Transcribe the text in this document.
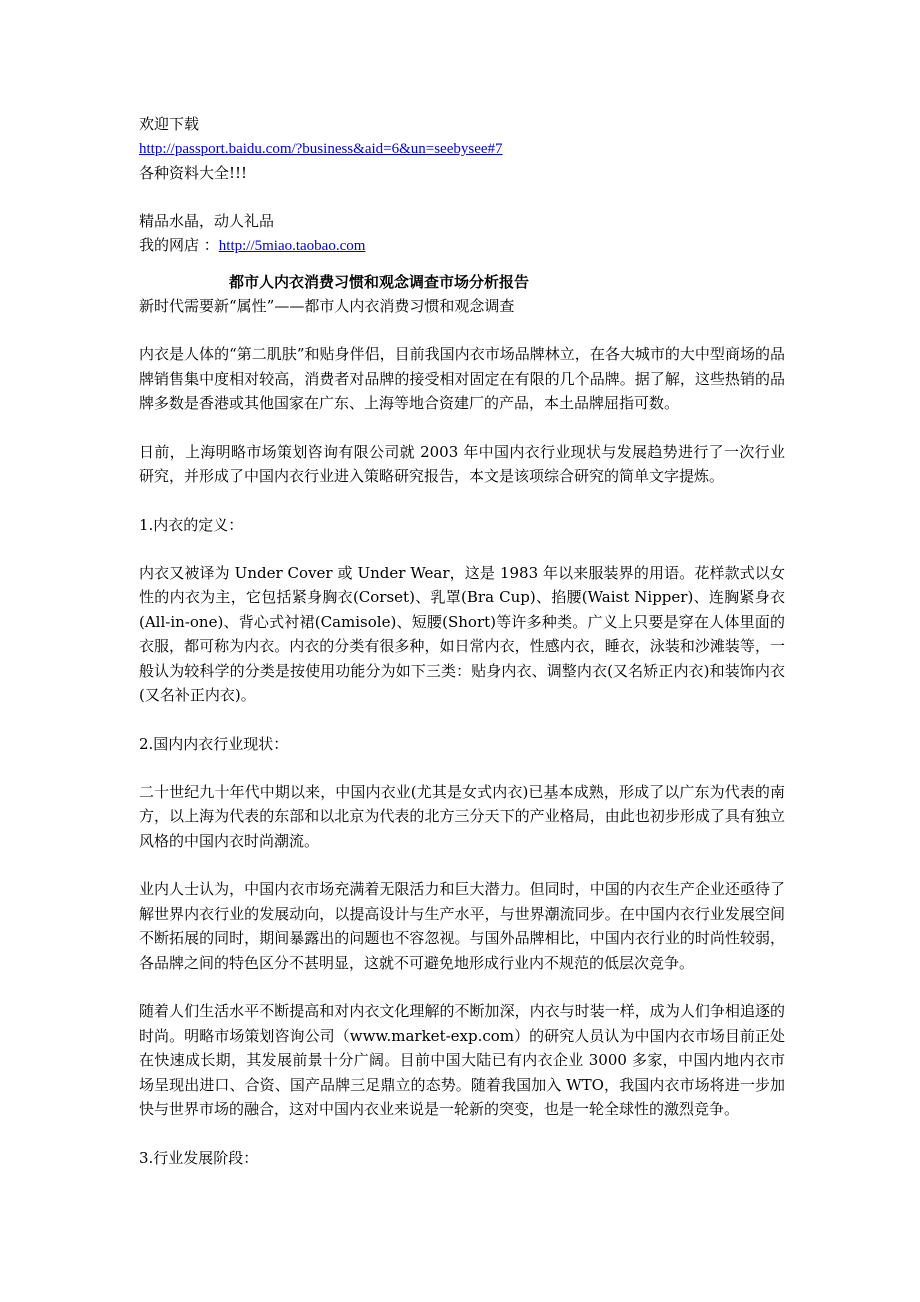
欢迎下载
http://passport.baidu.com/?business&aid=6&un=seebysee#7
各种资料大全!!!
精品水晶，动人礼品
我的网店 ：http://5miao.taobao.com
都市人内衣消费习惯和观念调查市场分析报告
新时代需要新“属性”——都市人内衣消费习惯和观念调查

内衣是人体的“第二肌肤”和贴身伴侣，目前我国内衣市场品牌林立，在各大城市的大中型商场的品牌销售集中度相对较高，消费者对品牌的接受相对固定在有限的几个品牌。据了解，这些热销的品牌多数是香港或其他国家在广东、上海等地合资建厂的产品，本土品牌屈指可数。

日前，上海明略市场策划咨询有限公司就 2003 年中国内衣行业现状与发展趋势进行了一次行业研究，并形成了中国内衣行业进入策略研究报告，本文是该项综合研究的简单文字提炼。

1.内衣的定义：

内衣又被译为 Under Cover 或 Under Wear，这是 1983 年以来服装界的用语。花样款式以女性的内衣为主，它包括紧身胸衣(Corset)、乳罩(Bra Cup)、掐腰(Waist Nipper)、连胸紧身衣(All-in-one)、背心式衬裙(Camisole)、短腰(Short)等许多种类。广义上只要是穿在人体里面的衣服，都可称为内衣。内衣的分类有很多种，如日常内衣，性感内衣，睡衣，泳装和沙滩装等，一般认为较科学的分类是按使用功能分为如下三类：贴身内衣、调整内衣(又名矫正内衣)和装饰内衣(又名补正内衣)。

2.国内内衣行业现状：

二十世纪九十年代中期以来，中国内衣业(尤其是女式内衣)已基本成熟，形成了以广东为代表的南方，以上海为代表的东部和以北京为代表的北方三分天下的产业格局，由此也初步形成了具有独立风格的中国内衣时尚潮流。

业内人士认为，中国内衣市场充满着无限活力和巨大潜力。但同时，中国的内衣生产企业还亟待了解世界内衣行业的发展动向，以提高设计与生产水平，与世界潮流同步。在中国内衣行业发展空间不断拓展的同时，期间暴露出的问题也不容忽视。与国外品牌相比，中国内衣行业的时尚性较弱，各品牌之间的特色区分不甚明显，这就不可避免地形成行业内不规范的低层次竞争。

随着人们生活水平不断提高和对内衣文化理解的不断加深，内衣与时装一样，成为人们争相追逐的时尚。明略市场策划咨询公司（www.market-exp.com）的研究人员认为中国内衣市场目前正处在快速成长期，其发展前景十分广阔。目前中国大陆已有内衣企业 3000 多家，中国内地内衣市场呈现出进口、合资、国产品牌三足鼎立的态势。随着我国加入 WTO，我国内衣市场将进一步加快与世界市场的融合，这对中国内衣业来说是一轮新的突变，也是一轮全球性的激烈竞争。

3.行业发展阶段：
